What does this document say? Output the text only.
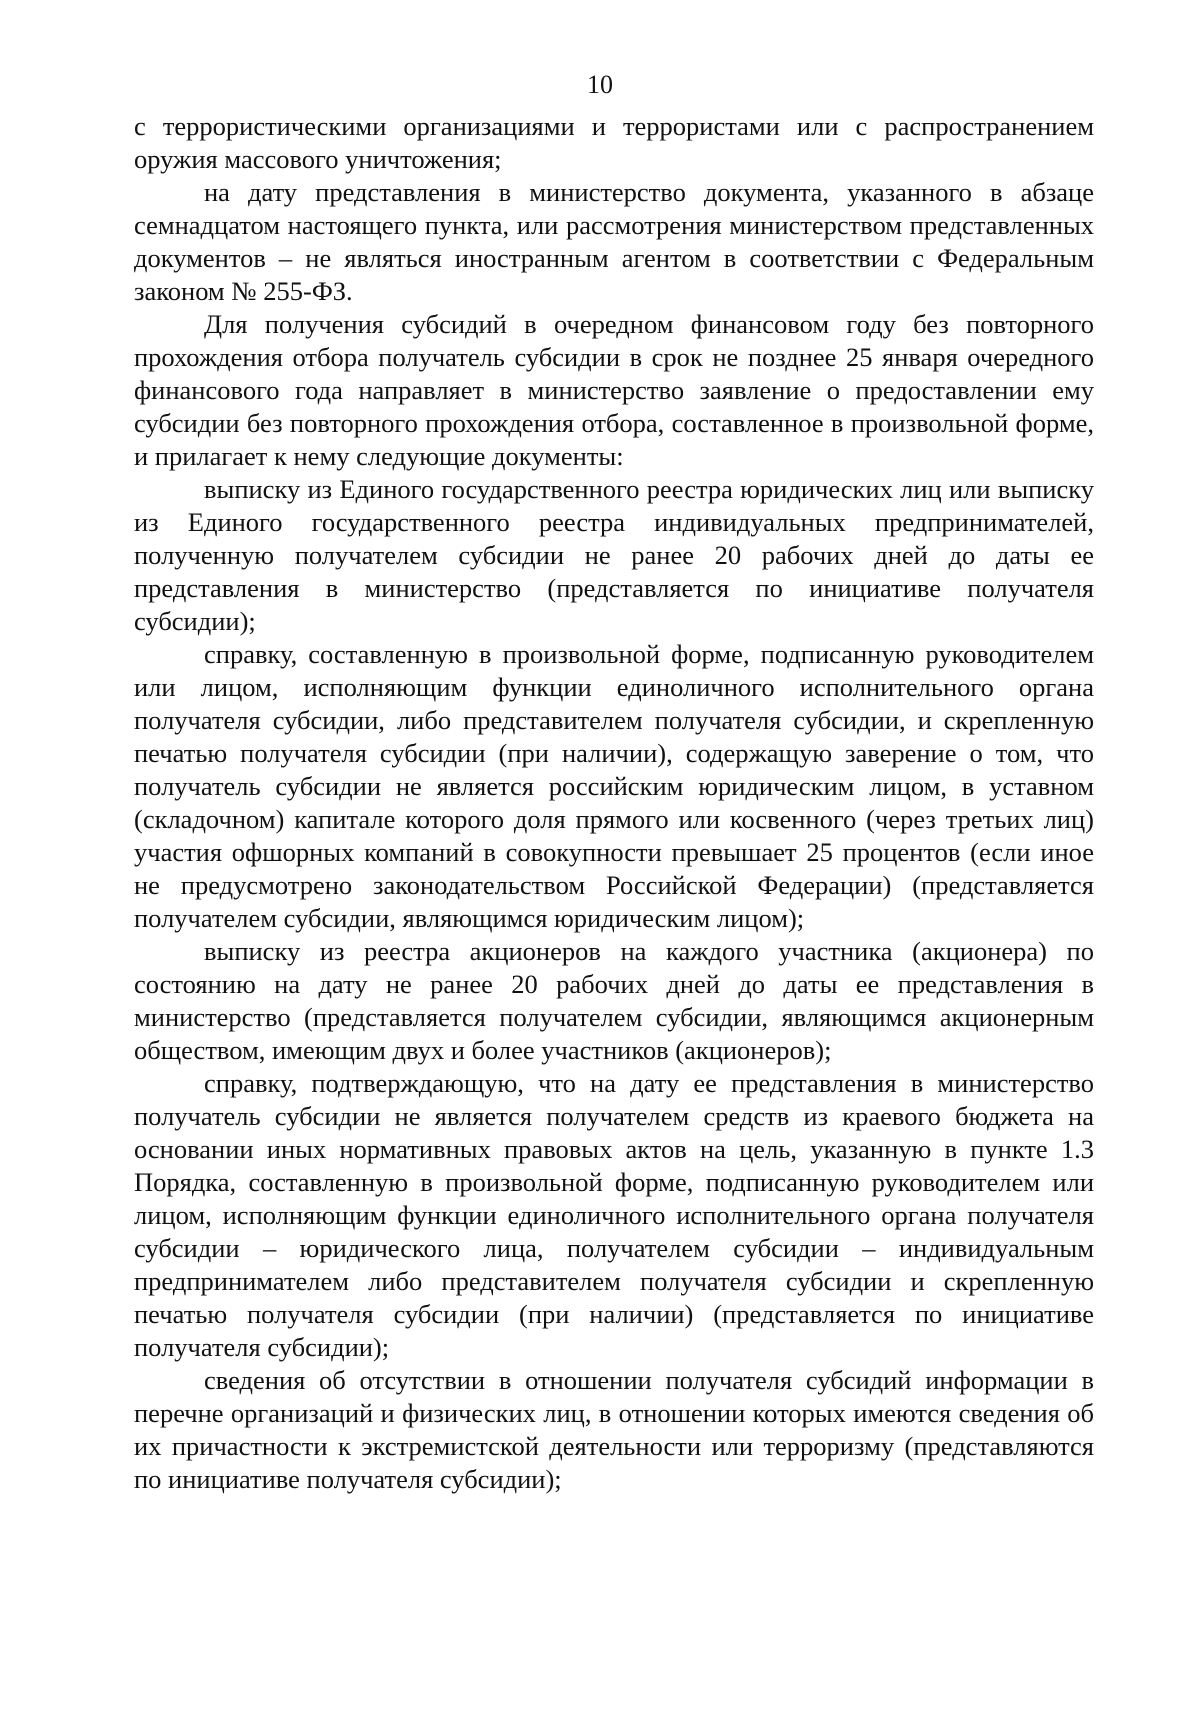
10

с террористическими организациями и террористами или с распространением оружия массового уничтожения;

на дату представления в министерство документа, указанного в абзаце семнадцатом настоящего пункта, или рассмотрения министерством представленных документов – не являться иностранным агентом в соответствии с Федеральным законом № 255-ФЗ.

Для получения субсидий в очередном финансовом году без повторного прохождения отбора получатель субсидии в срок не позднее 25 января очередного финансового года направляет в министерство заявление о предоставлении ему субсидии без повторного прохождения отбора, составленное в произвольной форме, и прилагает к нему следующие документы:

выписку из Единого государственного реестра юридических лиц или выписку из Единого государственного реестра индивидуальных предпринимателей, полученную получателем субсидии не ранее 20 рабочих дней до даты ее представления в министерство (представляется по инициативе получателя субсидии);

справку, составленную в произвольной форме, подписанную руководителем или лицом, исполняющим функции единоличного исполнительного органа получателя субсидии, либо представителем получателя субсидии, и скрепленную печатью получателя субсидии (при наличии), содержащую заверение о том, что получатель субсидии не является российским юридическим лицом, в уставном (складочном) капитале которого доля прямого или косвенного (через третьих лиц) участия офшорных компаний в совокупности превышает 25 процентов (если иное не предусмотрено законодательством Российской Федерации) (представляется получателем субсидии, являющимся юридическим лицом);

выписку из реестра акционеров на каждого участника (акционера) по состоянию на дату не ранее 20 рабочих дней до даты ее представления в министерство (представляется получателем субсидии, являющимся акционерным обществом, имеющим двух и более участников (акционеров);

справку, подтверждающую, что на дату ее представления в министерство получатель субсидии не является получателем средств из краевого бюджета на основании иных нормативных правовых актов на цель, указанную в пункте 1.3 Порядка, составленную в произвольной форме, подписанную руководителем или лицом, исполняющим функции единоличного исполнительного органа получателя субсидии – юридического лица, получателем субсидии – индивидуальным предпринимателем либо представителем получателя субсидии и скрепленную печатью получателя субсидии (при наличии) (представляется по инициативе получателя субсидии);

сведения об отсутствии в отношении получателя субсидий информации в перечне организаций и физических лиц, в отношении которых имеются сведения об их причастности к экстремистской деятельности или терроризму (представляются по инициативе получателя субсидии);
